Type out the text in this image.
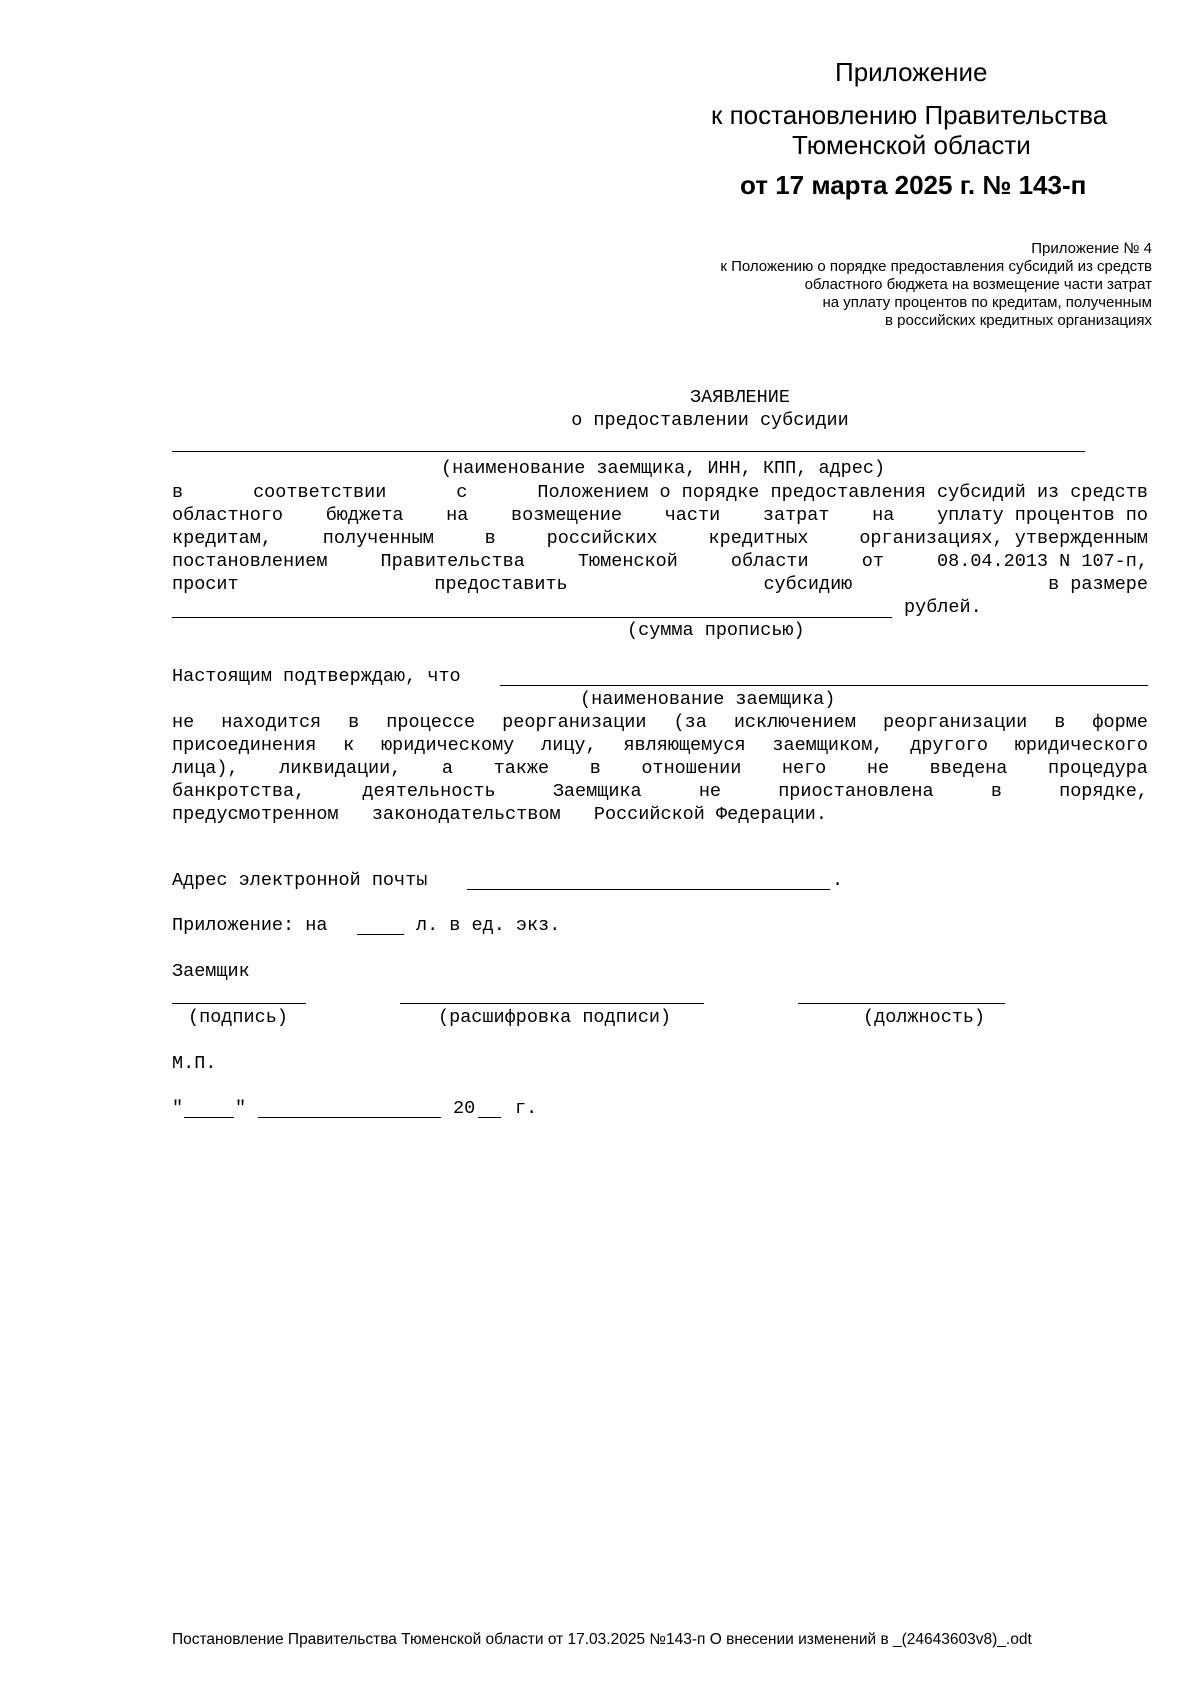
Приложение
к постановлению Правительства
Тюменской области
от 17 марта 2025 г. № 143-п
Приложение № 4
к Положению о порядке предоставления субсидий из средств
областного бюджета на возмещение части затрат
на уплату процентов по кредитам, полученным
в российских кредитных организациях
ЗАЯВЛЕНИЕ
о предоставлении субсидии
(наименование заемщика, ИНН, КПП, адрес)
в	соответствии	с	Положением о порядке предоставления субсидий из средств
областного бюджета на возмещение части затрат на уплату процентов по
кредитам,	полученным	в	российских	кредитных	организациях, утвержденным
постановлением	Правительства	Тюменской	области	от	08.04.2013 N 107-п,
просит	предоставить	субсидию	в размере
рублей.
(сумма прописью)
Настоящим подтверждаю, что
(наименование заемщика)
не находится в процессе реорганизации (за исключением реорганизации в форме
присоединения к юридическому лицу, являющемуся заемщиком, другого юридического
лица), ликвидации, а также в отношении него не введена процедура
банкротства,	деятельность	Заемщика	не	приостановлена	в	порядке,
предусмотренном   законодательством   Российской Федерации.
Адрес электронной почты	.
Приложение: на	л. в ед. экз.
Заемщик
(подпись)	(расшифровка подписи)	(должность)
М.П.
"	"	20 г.
Постановление Правительства Тюменской области от 17.03.2025 №143-п О внесении изменений в _(24643603v8)_.odt
